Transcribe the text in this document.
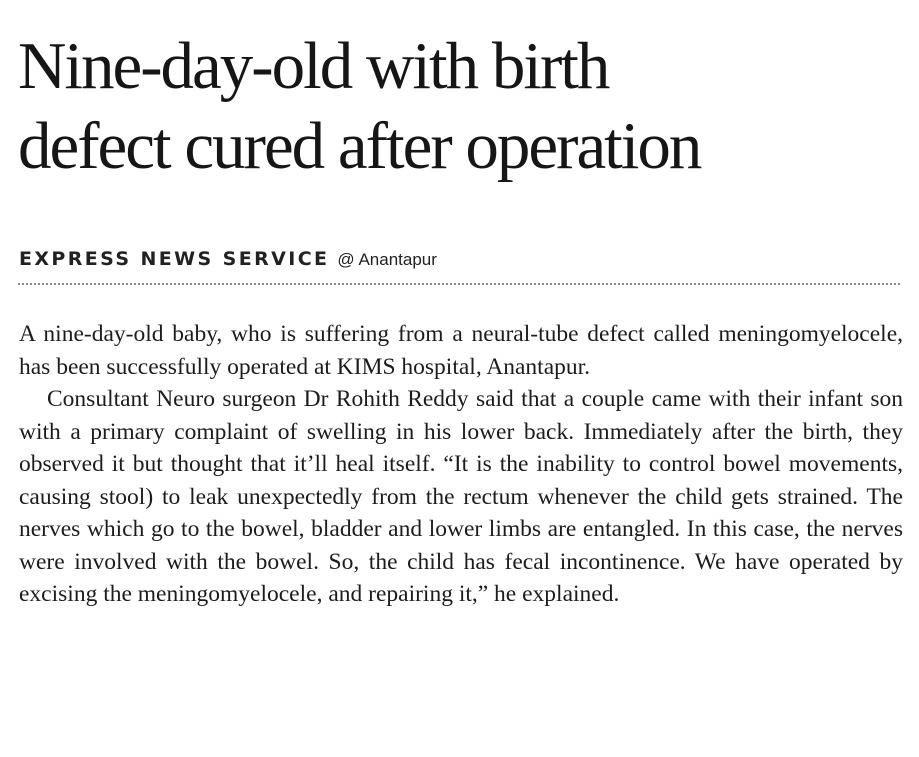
Nine-day-old with birth
defect cured after operation
EXPRESS NEWS SERVICE @ Anantapur

A nine-day-old baby, who is suffering from a neural-tube defect called meningomyelocele, has been successfully operated at KIMS hospital, Anantapur.

Consultant Neuro surgeon Dr Rohith Reddy said that a couple came with their infant son with a primary complaint of swelling in his lower back. Immediately after the birth, they observed it but thought that it’ll heal itself. “It is the inability to control bowel movements, causing stool) to leak unexpectedly from the rectum whenever the child gets strained. The nerves which go to the bowel, bladder and lower limbs are entangled. In this case, the nerves were involved with the bowel. So, the child has fecal incontinence. We have operated by excising the meningomyelocele, and repairing it,” he explained.
